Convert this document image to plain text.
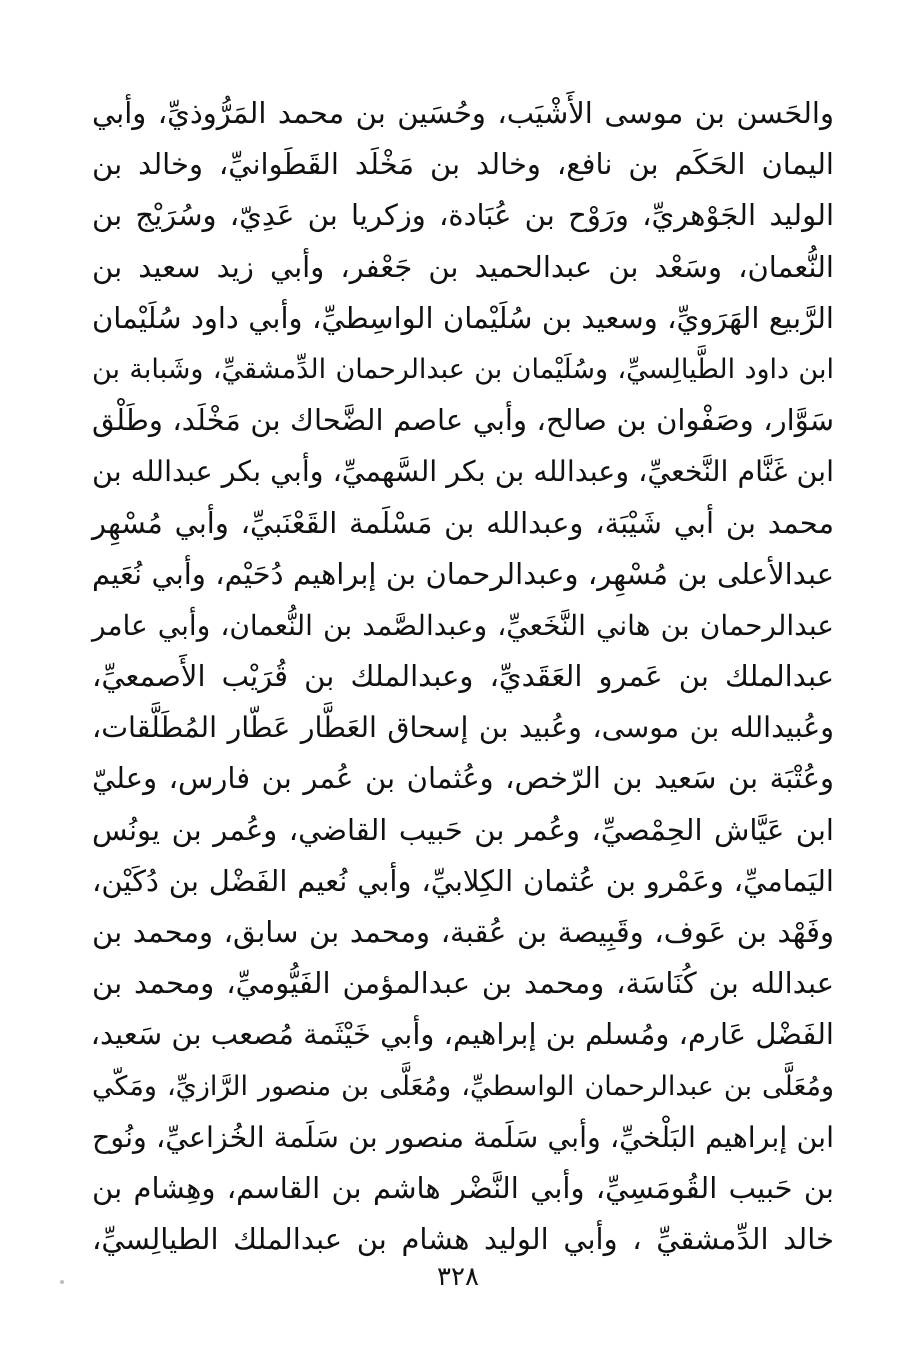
والحَسن بن موسى الأَشْيَب، وحُسَين بن محمد المَرُّوذيِّ، وأبي
اليمان الحَكَم بن نافع، وخالد بن مَخْلَد القَطَوانيِّ، وخالد بن
الوليد الجَوْهريِّ، ورَوْح بن عُبَادة، وزكريا بن عَدِيّ، وسُرَيْج بن
النُّعمان، وسَعْد بن عبدالحميد بن جَعْفر، وأبي زيد سعيد بن
الرَّبيع الهَرَويِّ، وسعيد بن سُلَيْمان الواسِطيِّ، وأبي داود سُلَيْمان
ابن داود الطَّيالِسيِّ، وسُلَيْمان بن عبدالرحمان الدِّمشقيِّ، وشَبابة بن
سَوَّار، وصَفْوان بن صالح، وأبي عاصم الضَّحاك بن مَخْلَد، وطَلْق
ابن غَنَّام النَّخعيِّ، وعبدالله بن بكر السَّهميِّ، وأبي بكر عبدالله بن
محمد بن أبي شَيْبَة، وعبدالله بن مَسْلَمة القَعْنَبيِّ، وأبي مُسْهِر
عبدالأعلى بن مُسْهِر، وعبدالرحمان بن إبراهيم دُحَيْم، وأبي نُعَيم
عبدالرحمان بن هاني النَّخَعيِّ، وعبدالصَّمد بن النُّعمان، وأبي عامر
عبدالملك بن عَمرو العَقَديِّ، وعبدالملك بن قُرَيْب الأَصمعيِّ،
وعُبيدالله بن موسى، وعُبيد بن إسحاق العَطَّار عَطّار المُطَلَّقات،
وعُتْبَة بن سَعيد بن الرّخص، وعُثمان بن عُمر بن فارس، وعليّ
ابن عَيَّاش الحِمْصيِّ، وعُمر بن حَبيب القاضي، وعُمر بن يونُس
اليَماميِّ، وعَمْرو بن عُثمان الكِلابيِّ، وأبي نُعيم الفَضْل بن دُكَيْن،
وفَهْد بن عَوف، وقَبِيصة بن عُقبة، ومحمد بن سابق، ومحمد بن
عبدالله بن كُنَاسَة، ومحمد بن عبدالمؤمن الفَيُّوميِّ، ومحمد بن
الفَضْل عَارم، ومُسلم بن إبراهيم، وأبي خَيْثَمة مُصعب بن سَعيد،
ومُعَلَّى بن عبدالرحمان الواسطيِّ، ومُعَلَّى بن منصور الرَّازيِّ، ومَكّي
ابن إبراهيم البَلْخيِّ، وأبي سَلَمة منصور بن سَلَمة الخُزاعيِّ، ونُوح
بن حَبيب القُومَسِيِّ، وأبي النَّضْر هاشم بن القاسم، وهِشام بن
خالد الدِّمشقيِّ ، وأبي الوليد هشام بن عبدالملك الطيالِسيِّ،
٣٢٨
